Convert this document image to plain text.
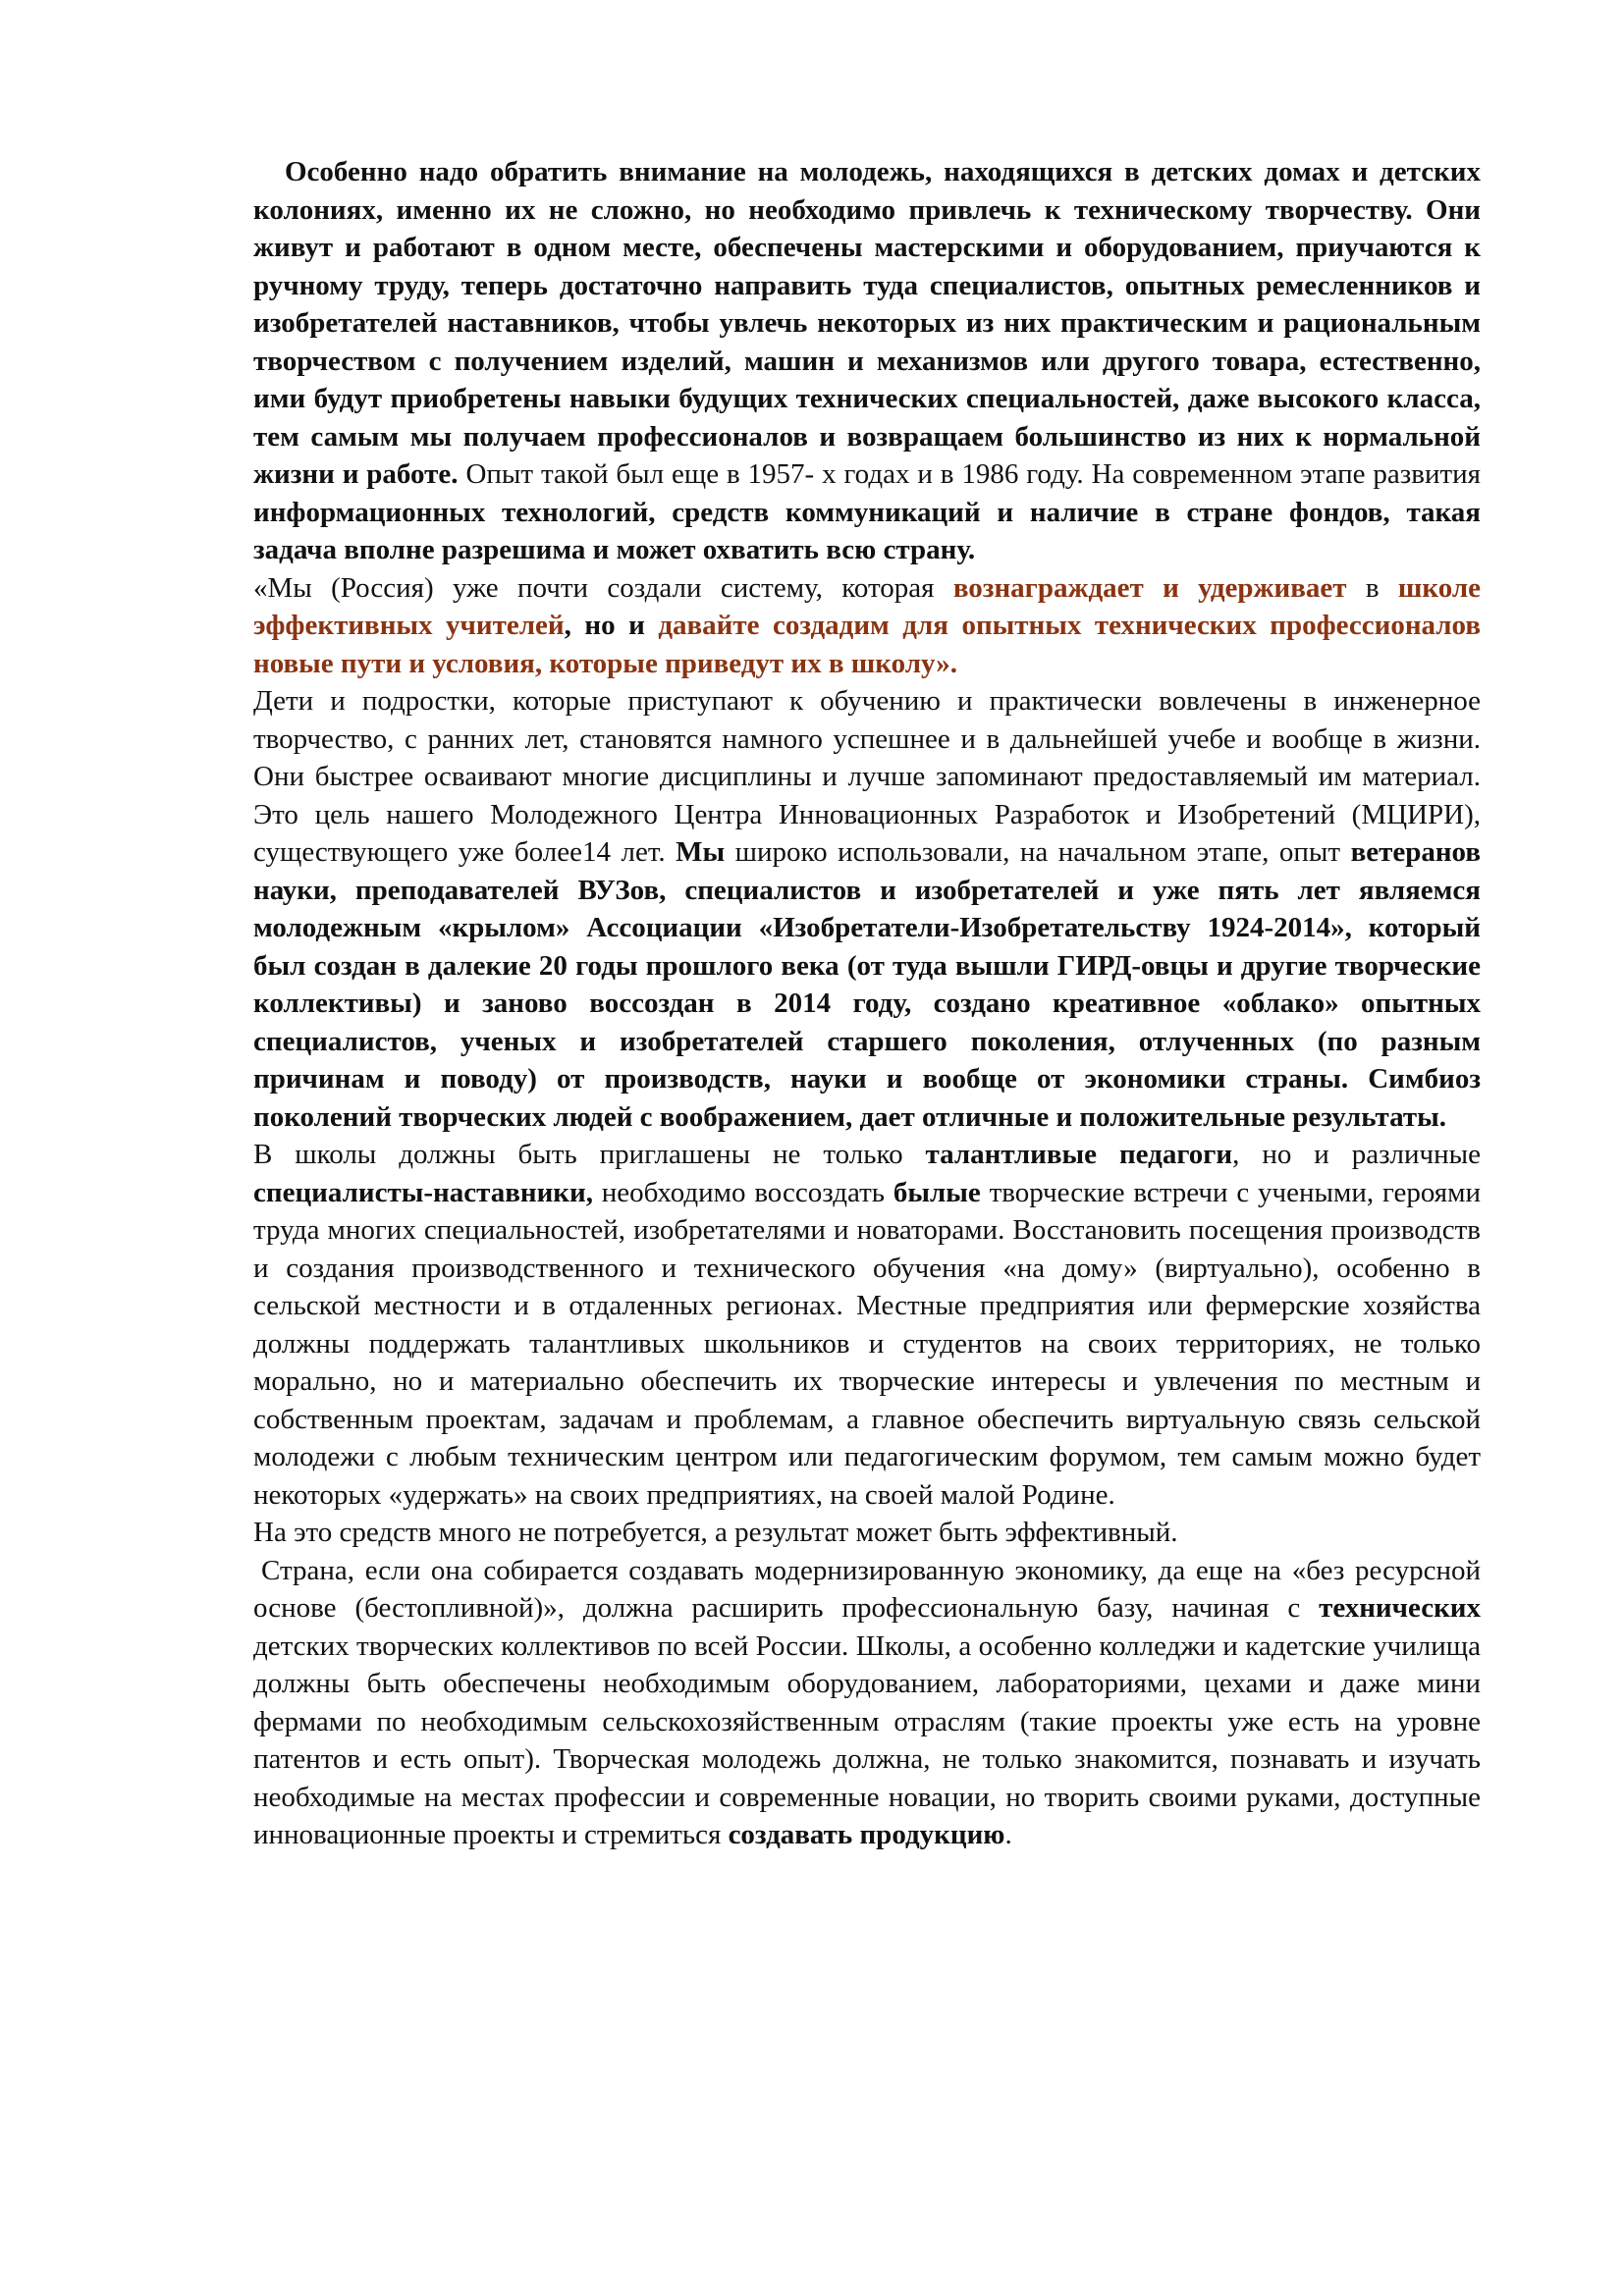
Особенно надо обратить внимание на молодежь, находящихся в детских домах и детских колониях, именно их не сложно, но необходимо привлечь к техническому творчеству. Они живут и работают в одном месте, обеспечены мастерскими и оборудованием, приучаются к ручному труду, теперь достаточно направить туда специалистов, опытных ремесленников и изобретателей наставников, чтобы увлечь некоторых из них практическим и рациональным творчеством с получением изделий, машин и механизмов или другого товара, естественно, ими будут приобретены навыки будущих технических специальностей, даже высокого класса, тем самым мы получаем профессионалов и возвращаем большинство из них к нормальной жизни и работе. Опыт такой был еще в 1957- х годах и в 1986 году. На современном этапе развития информационных технологий, средств коммуникаций и наличие в стране фондов, такая задача вполне разрешима и может охватить всю страну.

«Мы (Россия) уже почти создали систему, которая вознаграждает и удерживает в школе эффективных учителей, но и давайте создадим для опытных технических профессионалов новые пути и условия, которые приведут их в школу».

Дети и подростки, которые приступают к обучению и практически вовлечены в инженерное творчество, с ранних лет, становятся намного успешнее и в дальнейшей учебе и вообще в жизни. Они быстрее осваивают многие дисциплины и лучше запоминают предоставляемый им материал. Это цель нашего Молодежного Центра Инновационных Разработок и Изобретений (МЦИРИ), существующего уже более14 лет. Мы широко использовали, на начальном этапе, опыт ветеранов науки, преподавателей ВУЗов, специалистов и изобретателей и уже пять лет являемся молодежным «крылом» Ассоциации «Изобретатели-Изобретательству 1924-2014», который был создан в далекие 20 годы прошлого века (от туда вышли ГИРД-овцы и другие творческие коллективы) и заново воссоздан в 2014 году, создано креативное «облако» опытных специалистов, ученых и изобретателей старшего поколения, отлученных (по разным причинам и поводу) от производств, науки и вообще от экономики страны. Симбиоз поколений творческих людей с воображением, дает отличные и положительные результаты.

В школы должны быть приглашены не только талантливые педагоги, но и различные специалисты-наставники, необходимо воссоздать былые творческие встречи с учеными, героями труда многих специальностей, изобретателями и новаторами. Восстановить посещения производств и создания производственного и технического обучения «на дому» (виртуально), особенно в сельской местности и в отдаленных регионах. Местные предприятия или фермерские хозяйства должны поддержать талантливых школьников и студентов на своих территориях, не только морально, но и материально обеспечить их творческие интересы и увлечения по местным и собственным проектам, задачам и проблемам, а главное обеспечить виртуальную связь сельской молодежи с любым техническим центром или педагогическим форумом, тем самым можно будет некоторых «удержать» на своих предприятиях, на своей малой Родине.

На это средств много не потребуется, а результат может быть эффективный.

Страна, если она собирается создавать модернизированную экономику, да еще на «без ресурсной основе (бестопливной)», должна расширить профессиональную базу, начиная с технических детских творческих коллективов по всей России. Школы, а особенно колледжи и кадетские училища должны быть обеспечены необходимым оборудованием, лабораториями, цехами и даже мини фермами по необходимым сельскохозяйственным отраслям (такие проекты уже есть на уровне патентов и есть опыт). Творческая молодежь должна, не только знакомится, познавать и изучать необходимые на местах профессии и современные новации, но творить своими руками, доступные инновационные проекты и стремиться создавать продукцию.
